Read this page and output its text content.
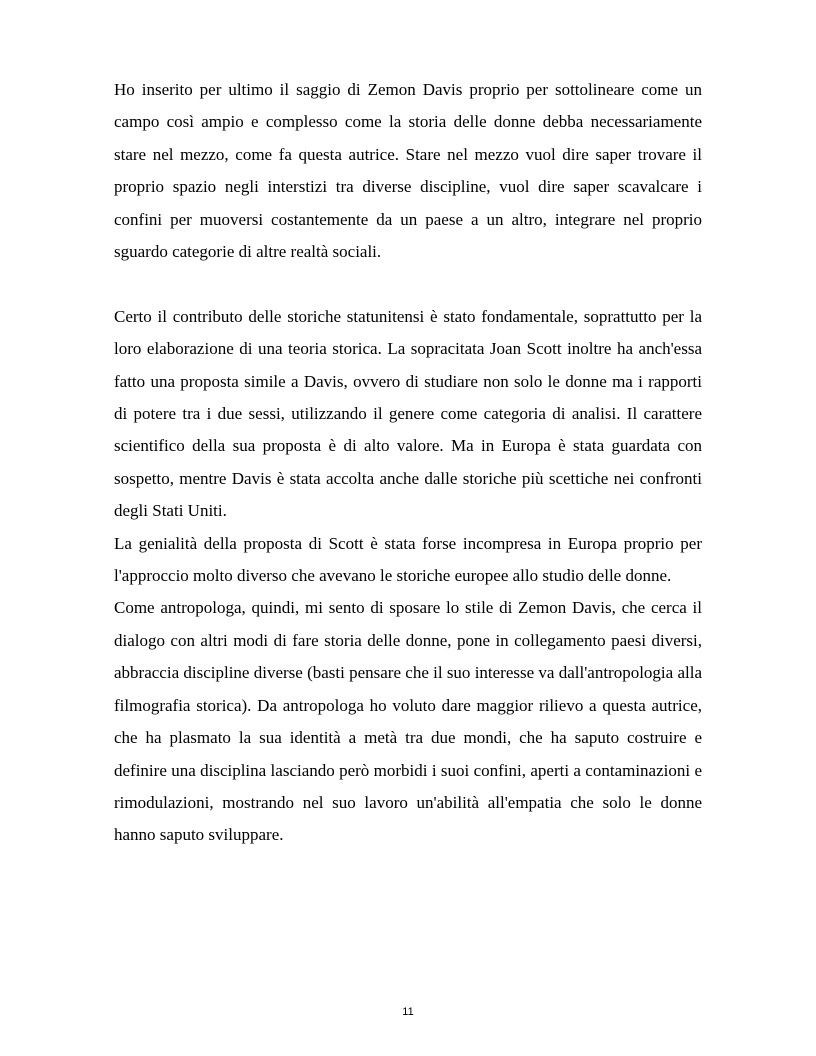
Ho inserito per ultimo il saggio di Zemon Davis proprio per sottolineare come un campo così ampio e complesso come la storia delle donne debba necessariamente stare nel mezzo, come fa questa autrice. Stare nel mezzo vuol dire saper trovare il proprio spazio negli interstizi tra diverse discipline, vuol dire saper scavalcare i confini per muoversi costantemente da un paese a un altro, integrare nel proprio sguardo categorie di altre realtà sociali.

Certo il contributo delle storiche statunitensi è stato fondamentale, soprattutto per la loro elaborazione di una teoria storica. La sopracitata Joan Scott inoltre ha anch'essa fatto una proposta simile a Davis, ovvero di studiare non solo le donne ma i rapporti di potere tra i due sessi, utilizzando il genere come categoria di analisi. Il carattere scientifico della sua proposta è di alto valore. Ma in Europa è stata guardata con sospetto, mentre Davis è stata accolta anche dalle storiche più scettiche nei confronti degli Stati Uniti.

La genialità della proposta di Scott è stata forse incompresa in Europa proprio per l'approccio molto diverso che avevano le storiche europee allo studio delle donne.

Come antropologa, quindi, mi sento di sposare lo stile di Zemon Davis, che cerca il dialogo con altri modi di fare storia delle donne, pone in collegamento paesi diversi, abbraccia discipline diverse (basti pensare che il suo interesse va dall'antropologia alla filmografia storica). Da antropologa ho voluto dare maggior rilievo a questa autrice, che ha plasmato la sua identità a metà tra due mondi, che ha saputo costruire e definire una disciplina lasciando però morbidi i suoi confini, aperti a contaminazioni e rimodulazioni, mostrando nel suo lavoro un'abilità all'empatia che solo le donne hanno saputo sviluppare.

11
